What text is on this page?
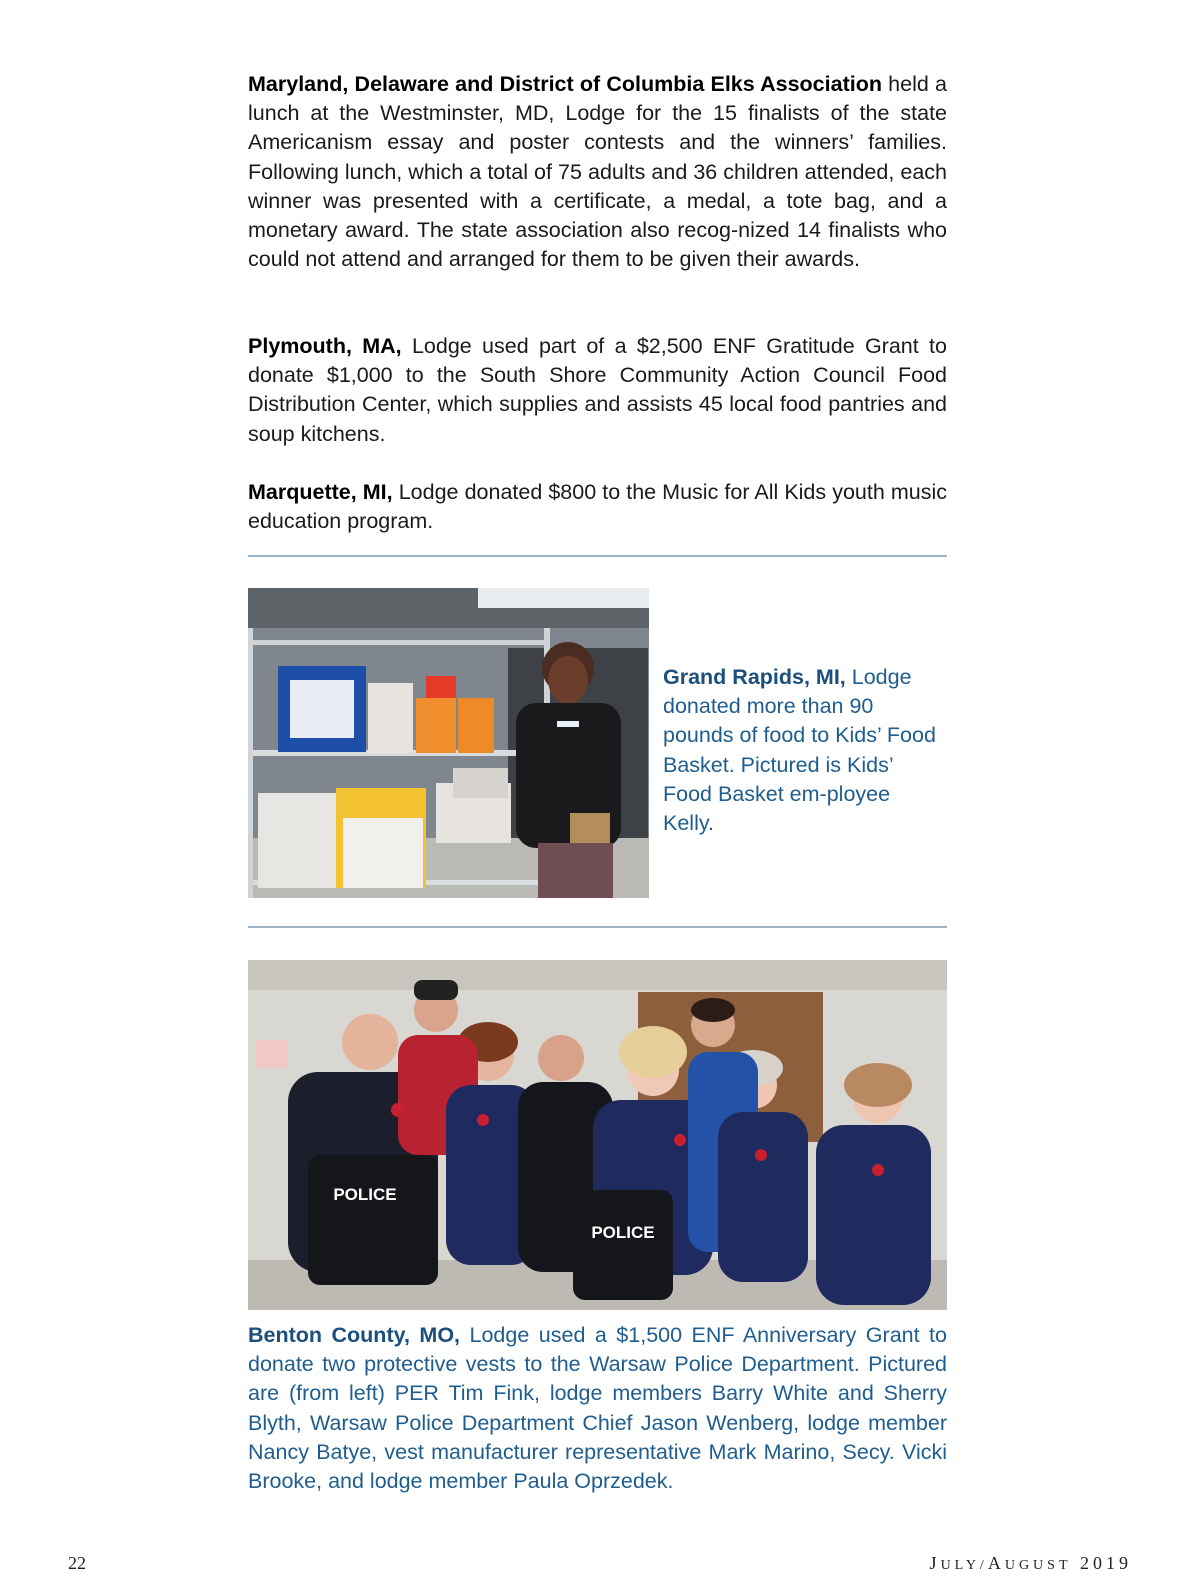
Maryland, Delaware and District of Columbia Elks Association held a lunch at the Westminster, MD, Lodge for the 15 finalists of the state Americanism essay and poster contests and the winners’ families. Following lunch, which a total of 75 adults and 36 children attended, each winner was presented with a certificate, a medal, a tote bag, and a monetary award. The state association also recog-nized 14 finalists who could not attend and arranged for them to be given their awards.

Plymouth, MA, Lodge used part of a $2,500 ENF Gratitude Grant to donate $1,000 to the South Shore Community Action Council Food Distribution Center, which supplies and assists 45 local food pantries and soup kitchens.

Marquette, MI, Lodge donated $800 to the Music for All Kids youth music education program.

Grand Rapids, MI, Lodge donated more than 90 pounds of food to Kids’ Food Basket. Pictured is Kids’ Food Basket em-ployee Kelly.

POLICE
POLICE

Benton County, MO, Lodge used a $1,500 ENF Anniversary Grant to donate two protective vests to the Warsaw Police Department. Pictured are (from left) PER Tim Fink, lodge members Barry White and Sherry Blyth, Warsaw Police Department Chief Jason Wenberg, lodge member Nancy Batye, vest manufacturer representative Mark Marino, Secy. Vicki Brooke, and lodge member Paula Oprzedek.

22	JULY/AUGUST 2019
